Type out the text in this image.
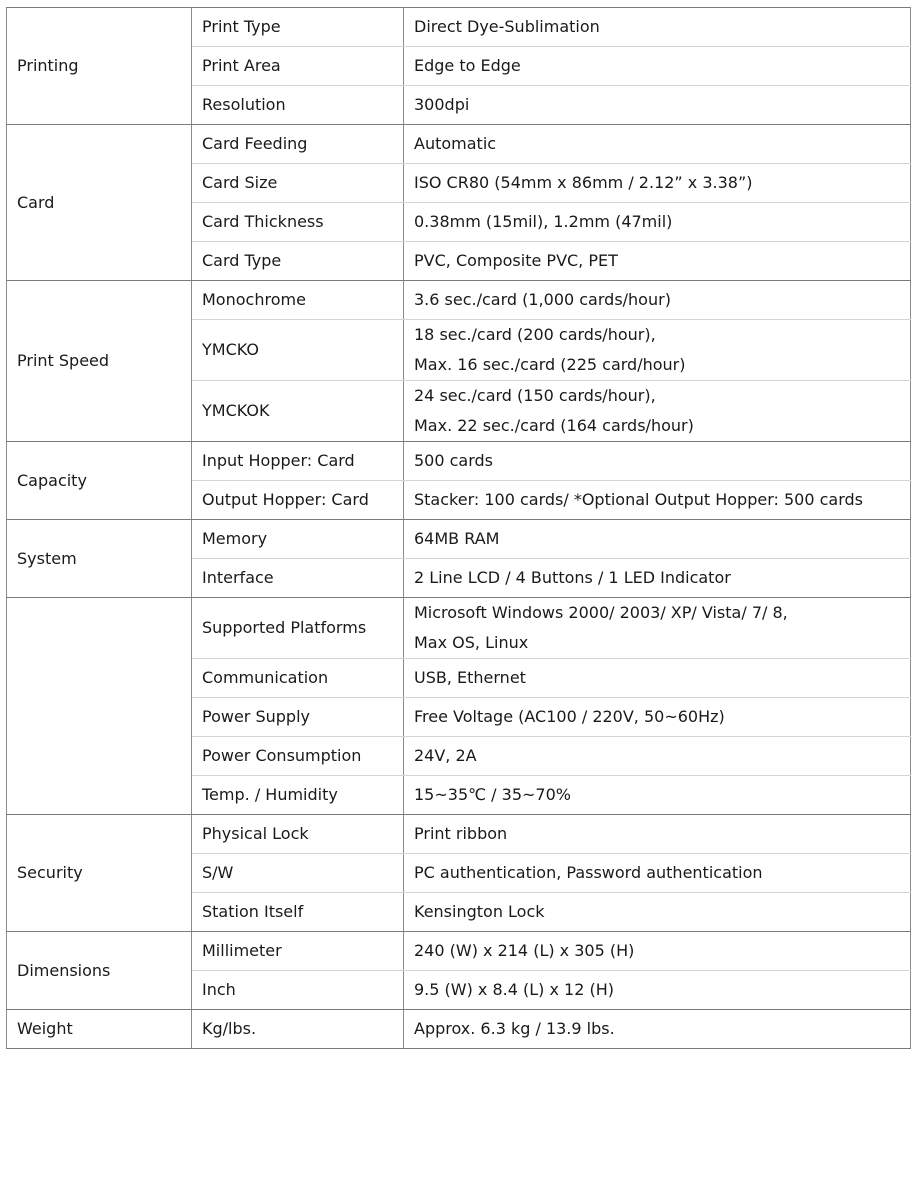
Printing	Print Type	Direct Dye-Sublimation

	Print Area	Edge to Edge

	Resolution	300dpi

Card	Card Feeding	Automatic

	Card Size	ISO CR80 (54mm x 86mm / 2.12” x 3.38”)

	Card Thickness	0.38mm (15mil), 1.2mm (47mil)

	Card Type	PVC, Composite PVC, PET

Print Speed	Monochrome	3.6 sec./card (1,000 cards/hour)

	YMCKO	18 sec./card (200 cards/hour),
Max. 16 sec./card (225 card/hour)

	YMCKOK	24 sec./card (150 cards/hour),
Max. 22 sec./card (164 cards/hour)

Capacity	Input Hopper: Card	500 cards

	Output Hopper: Card	Stacker: 100 cards/ *Optional Output Hopper: 500 cards

System	Memory	64MB RAM

	Interface	2 Line LCD / 4 Buttons / 1 LED Indicator

	Supported Platforms	Microsoft Windows 2000/ 2003/ XP/ Vista/ 7/ 8,
Max OS, Linux

	Communication	USB, Ethernet

	Power Supply	Free Voltage (AC100 / 220V, 50~60Hz)

	Power Consumption	24V, 2A

	Temp. / Humidity	15~35℃ / 35~70%

Security	Physical Lock	Print ribbon

	S/W	PC authentication, Password authentication

	Station Itself	Kensington Lock

Dimensions	Millimeter	240 (W) x 214 (L) x 305 (H)

	Inch	9.5 (W) x 8.4 (L) x 12 (H)

Weight	Kg/lbs.	Approx. 6.3 kg / 13.9 lbs.
